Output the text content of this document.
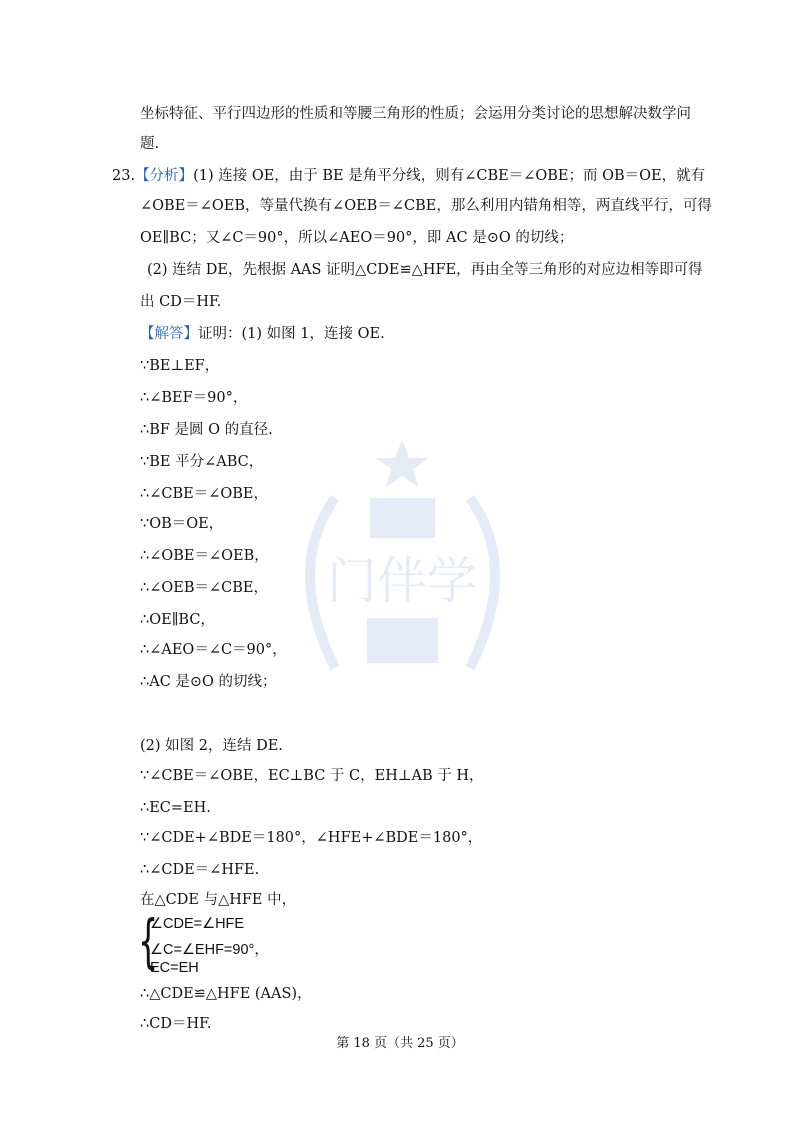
门伴学
坐标特征、平行四边形的性质和等腰三角形的性质；会运用分类讨论的思想解决数学问
题.
23.【分析】(1) 连接 OE，由于 BE 是角平分线，则有∠CBE＝∠OBE；而 OB＝OE，就有
∠OBE＝∠OEB，等量代换有∠OEB＝∠CBE，那么利用内错角相等，两直线平行，可得
OE∥BC；又∠C＝90°，所以∠AEO＝90°，即 AC 是⊙O 的切线；
(2) 连结 DE，先根据 AAS 证明△CDE≌△HFE，再由全等三角形的对应边相等即可得
出 CD＝HF.
【解答】证明：(1) 如图 1，连接 OE.
∵BE⊥EF，
∴∠BEF＝90°，
∴BF 是圆 O 的直径.
∵BE 平分∠ABC，
∴∠CBE＝∠OBE，
∵OB＝OE，
∴∠OBE＝∠OEB，
∴∠OEB＝∠CBE，
∴OE∥BC，
∴∠AEO＝∠C＝90°，
∴AC 是⊙O 的切线；
(2) 如图 2，连结 DE.
∵∠CBE＝∠OBE，EC⊥BC 于 C，EH⊥AB 于 H，
∴EC=EH.
∵∠CDE+∠BDE＝180°，∠HFE+∠BDE＝180°，
∴∠CDE＝∠HFE.
在△CDE 与△HFE 中，
{
∠CDE=∠HFE
∠C=∠EHF=90°，
EC=EH
∴△CDE≌△HFE (AAS)，
∴CD＝HF.
第 18 页（共 25 页）
